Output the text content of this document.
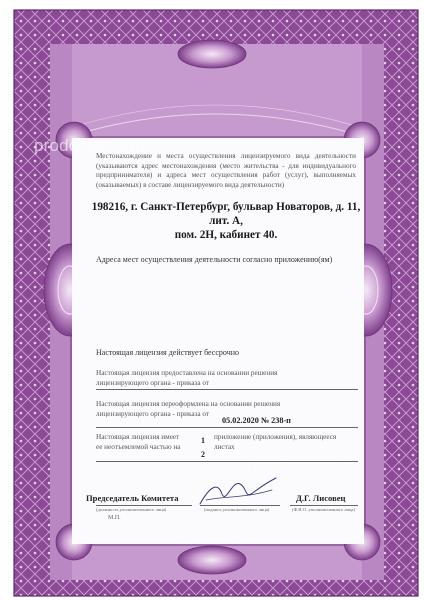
prodoctorov.ru
prodoctorov.ru
Местонахождение и места осуществления лицензируемого вида деятельности (указываются адрес местонахождения (место жительства - для индивидуального предпринимателя) и адреса мест осуществления работ (услуг), выполняемых (оказываемых) в составе лицензируемого вида деятельности)
198216, г. Санкт-Петербург, бульвар Новаторов, д. 11, лит. А,
пом. 2Н, кабинет 40.
Адреса мест осуществления деятельности согласно приложению(ям)
Настоящая лицензия действует бессрочно
Настоящая лицензия предоставлена на основании решения
лицензирующего органа - приказа от
Настоящая лицензия переоформлена на основании решения
лицензирующего органа - приказа от
05.02.2020 № 238-п
Настоящая лицензия имеет
ее неотъемлемой частью на
1
2
приложение (приложения), являющееся
листах
Председатель Комитета	Д.Г. Лисовец
(должность уполномоченного лица)	(подпись уполномоченного лица)	(Ф.И.О. уполномоченного лица)
М.П.
